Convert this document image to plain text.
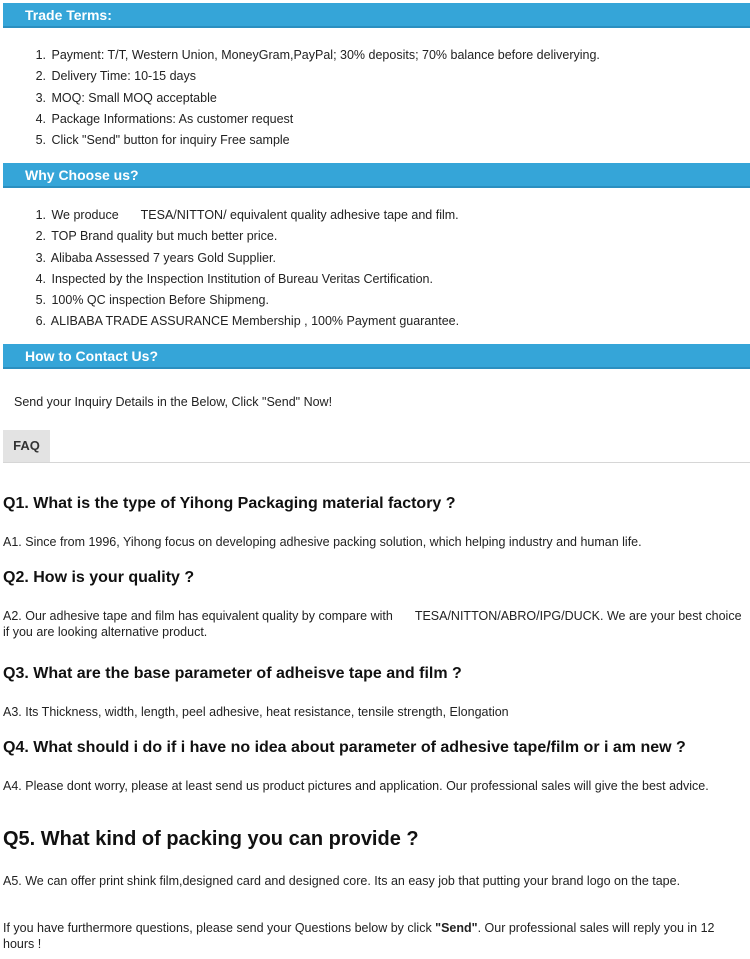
Trade Terms:
1. Payment: T/T, Western Union, MoneyGram,PayPal; 30% deposits; 70% balance before deliverying.
2. Delivery Time: 10-15 days
3. MOQ: Small MOQ acceptable
4. Package Informations: As customer request
5. Click "Send" button for inquiry Free sample
Why Choose us?
1. We produce TESA/NITTON/ equivalent quality adhesive tape and film.
2. TOP Brand quality but much better price.
3. Alibaba Assessed 7 years Gold Supplier.
4. Inspected by the Inspection Institution of Bureau Veritas Certification.
5. 100% QC inspection Before Shipmeng.
6. ALIBABA TRADE ASSURANCE Membership , 100% Payment guarantee.
How to Contact Us?
Send your Inquiry Details in the Below, Click "Send" Now!
FAQ
Q1. What is the type of Yihong Packaging material factory ?
A1. Since from 1996, Yihong focus on developing adhesive packing solution, which helping industry and human life.
Q2. How is your quality ?
A2. Our adhesive tape and film has equivalent quality by compare with TESA/NITTON/ABRO/IPG/DUCK. We are your best choice if you are looking alternative product.
Q3. What are the base parameter of adheisve tape and film ?
A3. Its Thickness, width, length, peel adhesive, heat resistance, tensile strength, Elongation
Q4. What should i do if i have no idea about parameter of adhesive tape/film or i am new ?
A4. Please dont worry, please at least send us product pictures and application. Our professional sales will give the best advice.
Q5. What kind of packing you can provide ?
A5. We can offer print shink film,designed card and designed core. Its an easy job that putting your brand logo on the tape.
If you have furthermore questions, please send your Questions below by click "Send". Our professional sales will reply you in 12 hours !
